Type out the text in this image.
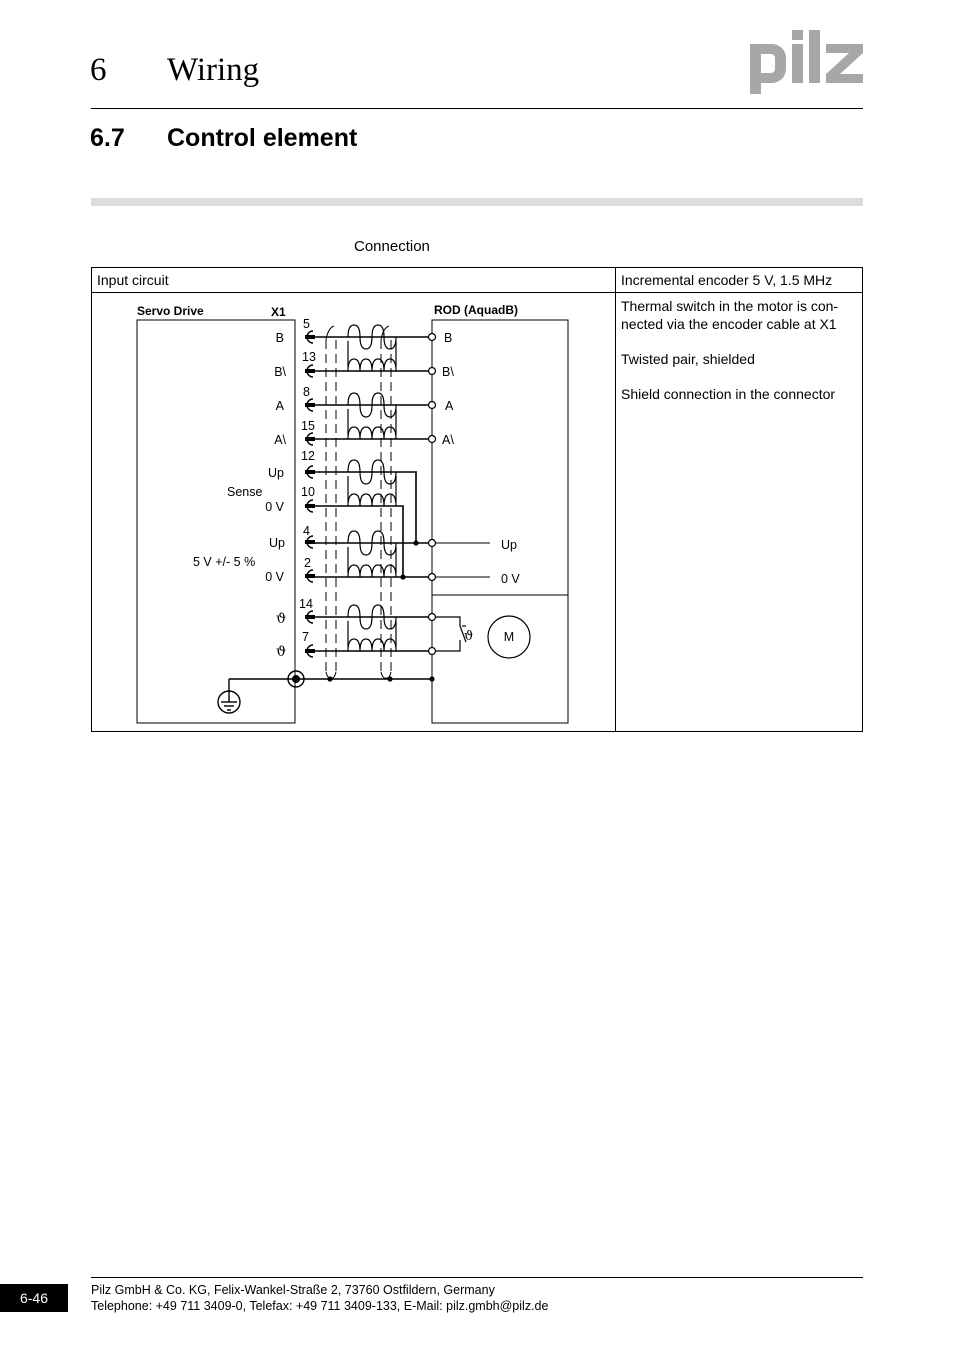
6 Wiring
6.7 Control element
Connection
Input circuit	Incremental encoder 5 V, 1.5 MHz

Thermal switch in the motor is con-nected via the encoder cable at X1

Twisted pair, shielded

Shield connection in the connector

Servo Drive	X1	ROD (AquadB)
Sense
5 V +/- 5 %
5
13
8
15
12
10
4
2
14
7
B
B\
A
A\
Up
0 V
Up
0 V
ϑ
ϑ
B
B\
A
A\
Up
0 V
ϑ M
6-46	Pilz GmbH & Co. KG, Felix-Wankel-Straße 2, 73760 Ostfildern, Germany
Telephone: +49 711 3409-0, Telefax: +49 711 3409-133, E-Mail: pilz.gmbh@pilz.de
